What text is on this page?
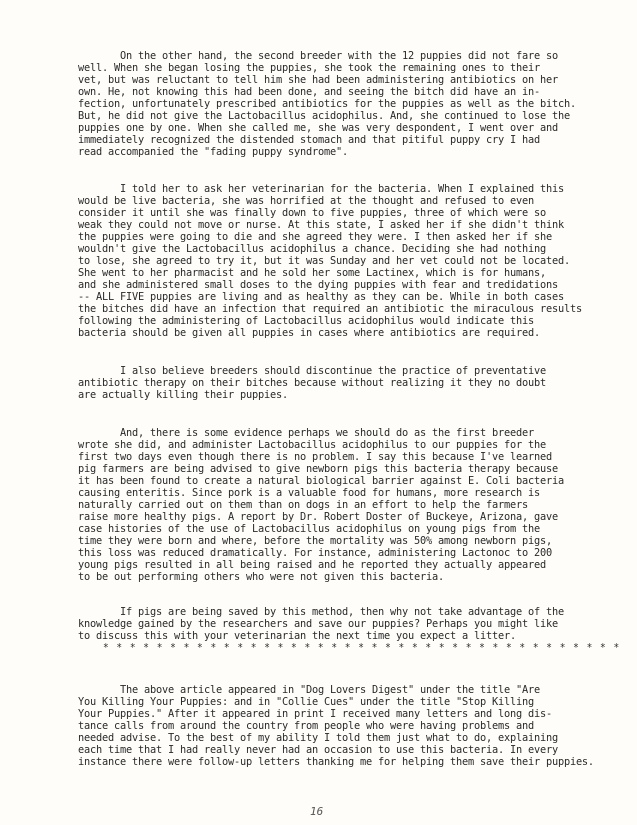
On the other hand, the second breeder with the 12 puppies did not fare so
well. When she began losing the puppies, she took the remaining ones to their
vet, but was reluctant to tell him she had been administering antibiotics on her
own. He, not knowing this had been done, and seeing the bitch did have an in-
fection, unfortunately prescribed antibiotics for the puppies as well as the bitch.
But, he did not give the Lactobacillus acidophilus. And, she continued to lose the
puppies one by one. When she called me, she was very despondent, I went over and
immediately recognized the distended stomach and that pitiful puppy cry I had
read accompanied the "fading puppy syndrome".
I told her to ask her veterinarian for the bacteria. When I explained this
would be live bacteria, she was horrified at the thought and refused to even
consider it until she was finally down to five puppies, three of which were so
weak they could not move or nurse. At this state, I asked her if she didn't think
the puppies were going to die and she agreed they were. I then asked her if she
wouldn't give the Lactobacillus acidophilus a chance. Deciding she had nothing
to lose, she agreed to try it, but it was Sunday and her vet could not be located.
She went to her pharmacist and he sold her some Lactinex, which is for humans,
and she administered small doses to the dying puppies with fear and tredidations
-- ALL FIVE puppies are living and as healthy as they can be. While in both cases
the bitches did have an infection that required an antibiotic the miraculous results
following the administering of Lactobacillus acidophilus would indicate this
bacteria should be given all puppies in cases where antibiotics are required.
I also believe breeders should discontinue the practice of preventative
antibiotic therapy on their bitches because without realizing it they no doubt
are actually killing their puppies.
And, there is some evidence perhaps we should do as the first breeder
wrote she did, and administer Lactobacillus acidophilus to our puppies for the
first two days even though there is no problem. I say this because I've learned
pig farmers are being advised to give newborn pigs this bacteria therapy because
it has been found to create a natural biological barrier against E. Coli bacteria
causing enteritis. Since pork is a valuable food for humans, more research is
naturally carried out on them than on dogs in an effort to help the farmers
raise more healthy pigs. A report by Dr. Robert Doster of Buckeye, Arizona, gave
case histories of the use of Lactobacillus acidophilus on young pigs from the
time they were born and where, before the mortality was 50% among newborn pigs,
this loss was reduced dramatically. For instance, administering Lactonoc to 200
young pigs resulted in all being raised and he reported they actually appeared
to be out performing others who were not given this bacteria.
If pigs are being saved by this method, then why not take advantage of the
knowledge gained by the researchers and save our puppies? Perhaps you might like
to discuss this with your veterinarian the next time you expect a litter.
* * * * * * * * * * * * * * * * * * * * * * * * * * * * * * * * * * * * * * *
The above article appeared in "Dog Lovers Digest" under the title "Are
You Killing Your Puppies: and in "Collie Cues" under the title "Stop Killing
Your Puppies." After it appeared in print I received many letters and long dis-
tance calls from around the country from people who were having problems and
needed advise. To the best of my ability I told them just what to do, explaining
each time that I had really never had an occasion to use this bacteria. In every
instance there were follow-up letters thanking me for helping them save their puppies.
16
